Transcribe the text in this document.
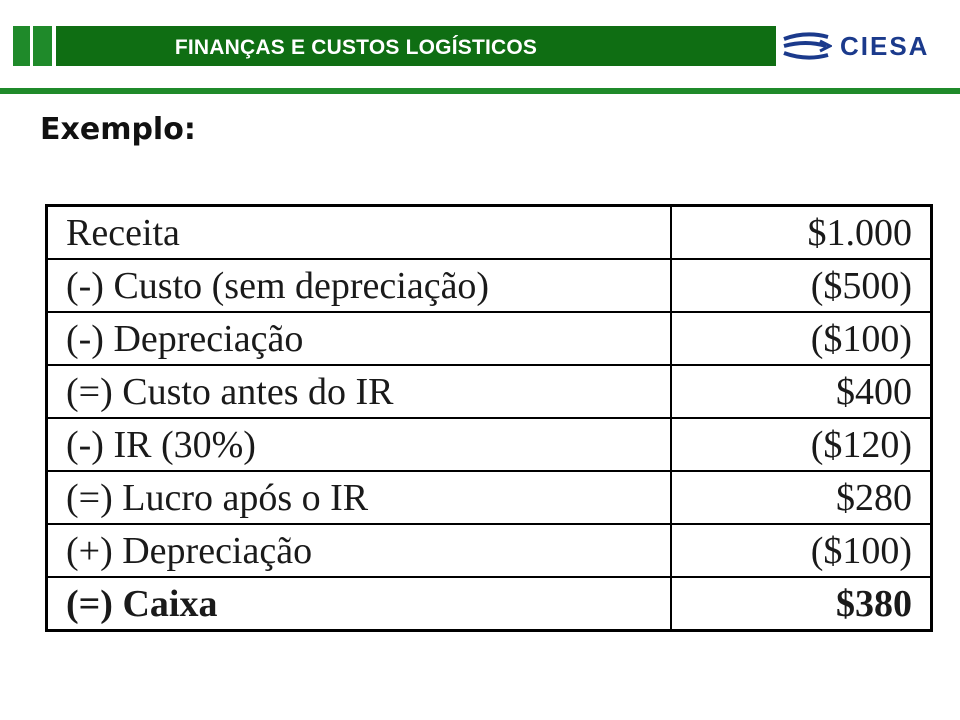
FINANÇAS E CUSTOS LOGÍSTICOS	CIESA
Exemplo:
Receita	$1.000
(-) Custo (sem depreciação)	($500)
(-) Depreciação	($100)
(=) Custo antes do IR	$400
(-) IR (30%)	($120)
(=) Lucro após o IR	$280
(+) Depreciação	($100)
(=) Caixa	$380
